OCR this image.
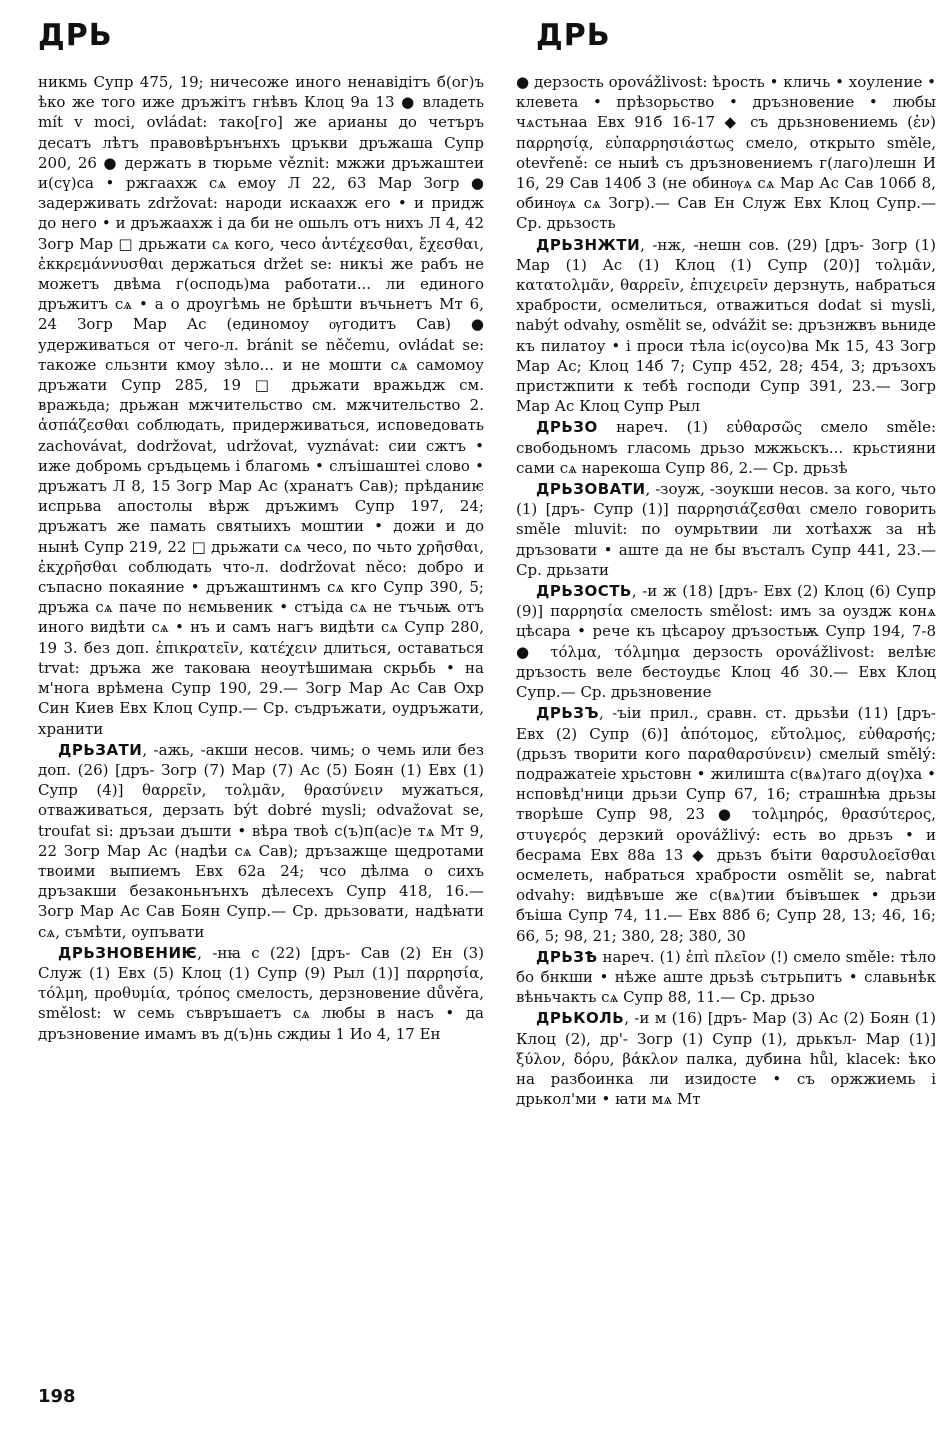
ДРЬ	ДРЬ

никмь Супр 475, 19; ничесоже иного ненавідітъ б(ог)ъ ѣко же того иже дръжітъ гнѣвъ Клоц 9а 13 ● владеть mít v moci, ovládat: тако[го] же арианы до четъръ десатъ лѣтъ правовѣрънънхъ цръкви дръжаша Супр 200, 26 ● держать в тюрьме věznit: мжжи дръжаштеи и(сү)са • ржгаахж сѧ емоу Л 22, 63 Мар Зогр ● задерживать zdržovat: народи искаахж его • и придж до него • и дръжаахж і да би не ошьлъ отъ нихъ Л 4, 42 Зогр Мар □ дрьжати сѧ кого, чесо ἀντέχεσθαι, ἔχεσθαι, ἐκκρεμάννυσθαι держаться držet se: никъі же рабъ не можетъ двѣма г(осподь)ма работати... ли единого дръжитъ сѧ • а о дроугѣмь не брѣшти въчьнетъ Мт 6, 24 Зогр Мар Ас (единомоу ѹгодитъ Сав) ● удерживаться от чего-л. bránit se něčemu, ovládat se: такоже сльзнти кмоу зѣло... и не мошти сѧ самомоу дръжати Супр 285, 19 □ дрьжати вражьдж см. вражьда; дрьжан мжчительство см. мжчительство 2. ἀσπάζεσθαι соблюдать, придерживаться, исповедовать zachovávat, dodržovat, udržovat, vyznávat: сии сжтъ • иже добромь сръдьцемь і благомь • слъішаштеі слово • дръжатъ Л 8, 15 Зогр Мар Ас (хранатъ Сав); прѣданиѥ испрьва апостолы вѣрж дръжимъ Супр 197, 24; дръжатъ же памать святыихъ моштии • дожи и до нынѣ Супр 219, 22 □ дрьжати сѧ чесо, по чьто χρῆσθαι, ἐκχρῆσθαι соблюдать что-л. dodržovat něco: добро и съпасно покаяние • дръжаштинмъ сѧ кго Супр 390, 5; дръжа сѧ паче по нємьвеник • стъіда сѧ не тъчьѭ отъ иного видѣти сѧ • нъ и самъ нагъ видѣти сѧ Супр 280, 19 3. без доп. ἐπικρατεῖν, κατέχειν длиться, оставаться trvat: дръжа же таковаꙗ неоутѣшимаꙗ скрьбь • на м'нога врѣмена Супр 190, 29.— Зогр Мар Ас Сав Охр Син Киев Евх Клоц Супр.— Ср. съдръжати, оудръжати, хранити

ДРЬЗАТИ, -ажь, -акши несов. чимь; о чемь или без доп. (26) [дръ- Зогр (7) Мар (7) Ас (5) Боян (1) Евх (1) Супр (4)] θαρρεῖν, τολμᾶν, θρασύνειν мужаться, отваживаться, дерзать být dobré mysli; odvažovat se, troufat si: дръзаи дъшти • вѣра твоѣ с(ъ)п(ас)е тѧ Мт 9, 22 Зогр Мар Ас (надѣи сѧ Сав); дръзажще щедротами твоими выпиемъ Евх 62а 24; чсо дѣлма о сихъ дръзакши безаконьнънхъ дѣлесехъ Супр 418, 16.— Зогр Мар Ас Сав Боян Супр.— Ср. дрьзовати, надѣꙗти сѧ, съмѣти, оупъвати

ДРЬЗНОВЕНИѤ, -нꙗ с (22) [дръ- Сав (2) Ен (3) Служ (1) Евх (5) Клоц (1) Супр (9) Рыл (1)] παρρησία, τόλμη, προθυμία, τρόπος смелость, дерзновение důvěra, smělost: w семь съвръшаетъ сѧ любы в насъ • да дръзновение имамъ въ д(ъ)нь сждиы 1 Ио 4, 17 Ен

● дерзость opovážlivost: ѣрость • кличь • хоуление • клевета • прѣзорьство • дръзновение • любы чѧстьнаа Евх 91б 16-17 ◆ съ дрьзновениемь (ἐν) παρρησίᾳ, εὐπαρρησιάστως смело, открыто směle, otevřeně: се ныиѣ съ дръзновениемъ г(лаго)лешн И 16, 29 Сав 140б 3 (не обинѹѧ сѧ Мар Ас Сав 106б 8, обинѹѧ сѧ Зогр).— Сав Ен Служ Евх Клоц Супр.— Ср. дрьзость

ДРЬЗНЖТИ, -нж, -нешн сов. (29) [дръ- Зогр (1) Мар (1) Ас (1) Клоц (1) Супр (20)] τολμᾶν, κατατολμᾶν, θαρρεῖν, ἐπιχειρεῖν дерзнуть, набраться храбрости, осмелиться, отважиться dodat si mysli, nabýt odvahy, osmělit se, odvážit se: дръзнжвъ вьнидe къ пилатоу • і проси тѣла іс(оусо)ва Мк 15, 43 Зогр Мар Ас; Клоц 14б 7; Супр 452, 28; 454, 3; дръзохъ пристжпити к тебѣ господи Супр 391, 23.— Зогр Мар Ас Клоц Супр Рыл

ДРЬЗО нареч. (1) εὐθαρσῶς смело směle: свободьномъ гласомь дрьзо мжжьскъ... крьстияни сами сѧ нарекоша Супр 86, 2.— Ср. дрьзѣ

ДРЬЗОВАТИ, -зоуж, -зоукши несов. за кого, чьто (1) [дръ- Супр (1)] παρρησιάζεσθαι смело говорить směle mluvit: по оумрьтвии ли хотѣахж за нѣ дръзовати • аште да не бы въсталъ Супр 441, 23.— Ср. дрьзати

ДРЬЗОСТЬ, -и ж (18) [дръ- Евх (2) Клоц (6) Супр (9)] παρρησία смелость smělost: имъ за оуздж конѧ цѣсара • рече къ цѣсароу дръзостьѭ Супр 194, 7-8 ● τόλμα, τόλμημα дерзость opovážlivost: велѣѥ дръзость веле бестоудьє Клоц 4б 30.— Евх Клоц Супр.— Ср. дрьзновение

ДРЬЗЪ, -ъіи прил., сравн. ст. дрьзѣи (11) [дръ- Евх (2) Супр (6)] ἀπότομος, εὔτολμος, εὐθαρσής; (дрьзъ творити кого παραθαρσύνειν) смелый smělý: подражатеіе хрьстовн • жилишта с(вѧ)таго д(оү)ха • нсповѣд'ници дрьзи Супр 67, 16; страшнѣꙗ дрьзы творѣше Супр 98, 23 ● τολμηρός, θρασύτερος, στυγερός дерзкий opovážlivý: есть во дрьзъ • и бесрама Евх 88а 13 ◆ дрьзъ бъіти θαρσυλοεῖσθαι осмелеть, набраться храбрости osmělit se, nabrat odvahy: видѣвъше же с(вѧ)тии бъівъшек • дрьзи бъіша Супр 74, 11.— Евх 88б 6; Супр 28, 13; 46, 16; 66, 5; 98, 21; 380, 28; 380, 30

ДРЬЗѢ нареч. (1) ἐπὶ πλεῖον (!) смело směle: тѣло бо бнкши • нѣже аште дрьзѣ сътрьпитъ • славьнѣк вѣньчакть сѧ Супр 88, 11.— Ср. дрьзо

ДРЬКОЛЬ, -и м (16) [дръ- Мар (3) Ас (2) Боян (1) Клоц (2), др'- Зогр (1) Супр (1), дрькъл- Мар (1)] ξύλον, δόρυ, βάκλον палка, дубина hůl, klacek: ѣко на разбоинка ли изидосте • съ оржжиемь і дрькол'ми • ꙗти мѧ Мт

198
